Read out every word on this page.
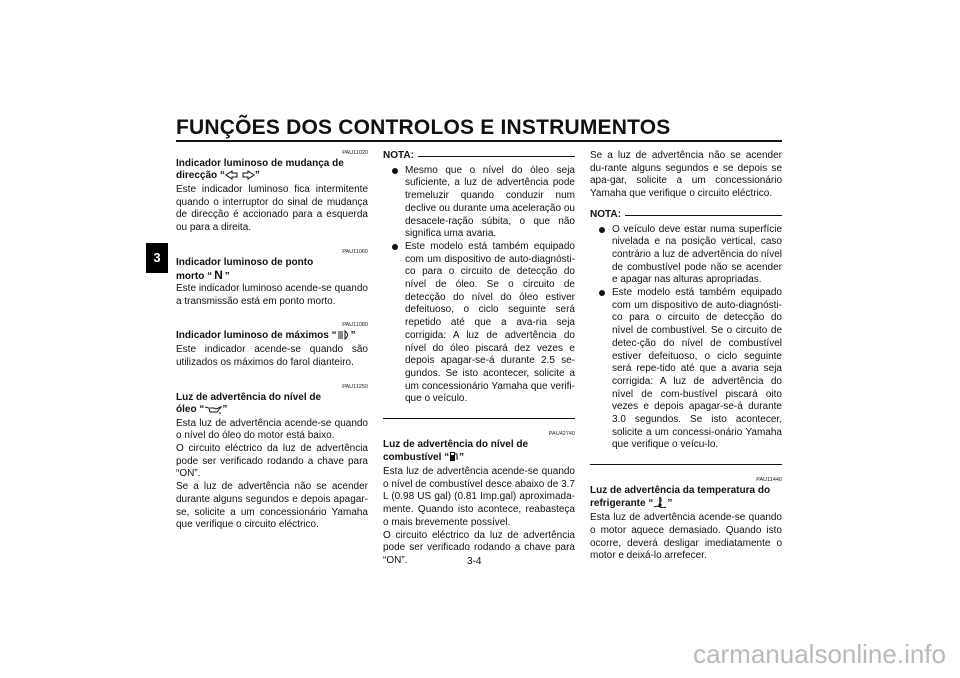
FUNÇÕES DOS CONTROLOS E INSTRUMENTOS
3

PAU11020

Indicador luminoso de mudança de
direcção “	”

Este indicador luminoso fica intermitente quando o interruptor do sinal de mudança de direcção é accionado para a esquerda ou para a direita.

PAU11060

Indicador luminoso de ponto
morto “ N ”

Este indicador luminoso acende-se quando a transmissão está em ponto morto.

PAU11080

Indicador luminoso de máximos “ ”

Este indicador acende-se quando são utilizados os máximos do farol dianteiro.

PAU11250

Luz de advertência do nível de
óleo “ ”

Esta luz de advertência acende-se quando o nível do óleo do motor está baixo.

O circuito eléctrico da luz de advertência pode ser verificado rodando a chave para “ON”.

Se a luz de advertência não se acender durante alguns segundos e depois apagar-se, solicite a um concessionário Yamaha que verifique o circuito eléctrico.

NOTA:
Mesmo que o nível do óleo seja suficiente, a luz de advertência pode tremeluzir quando conduzir num declive ou durante uma aceleração ou desacele-ração súbita, o que não significa uma avaria.
Este modelo está também equipado com um dispositivo de auto-diagnósti-co para o circuito de detecção do nível de óleo. Se o circuito de detecção do nível do óleo estiver defeituoso, o ciclo seguinte será repetido até que a ava-ria seja corrigida: A luz de advertência do nível do óleo piscará dez vezes e depois apagar-se-á durante 2.5 se-gundos. Se isto acontecer, solicite a um concessionário Yamaha que verifi-que o veículo.

PAU42740

Luz de advertência do nível de
combustível “ ”

Esta luz de advertência acende-se quando o nível de combustível desce abaixo de 3.7 L (0.98 US gal) (0.81 Imp.gal) aproximada-mente. Quando isto acontece, reabasteça o mais brevemente possível.

O circuito eléctrico da luz de advertência pode ser verificado rodando a chave para “ON”.

Se a luz de advertência não se acender du-rante alguns segundos e se depois se apa-gar, solicite a um concessionário Yamaha que verifique o circuito eléctrico.

NOTA:
O veículo deve estar numa superfície nivelada e na posição vertical, caso contrário a luz de advertência do nível de combustível pode não se acender e apagar nas alturas apropriadas.
Este modelo está também equipado com um dispositivo de auto-diagnósti-co para o circuito de detecção do nível de combustível. Se o circuito de detec-ção do nível de combustível estiver defeituoso, o ciclo seguinte será repe-tido até que a avaria seja corrigida: A luz de advertência do nível de com-bustível piscará oito vezes e depois apagar-se-á durante 3.0 segundos. Se isto acontecer, solicite a um concessi-onário Yamaha que verifique o veícu-lo.

PAU11440

Luz de advertência da temperatura do
refrigerante “ ”

Esta luz de advertência acende-se quando o motor aquece demasiado. Quando isto ocorre, deverá desligar imediatamente o motor e deixá-lo arrefecer.

3-4
carmanualsonline.info
